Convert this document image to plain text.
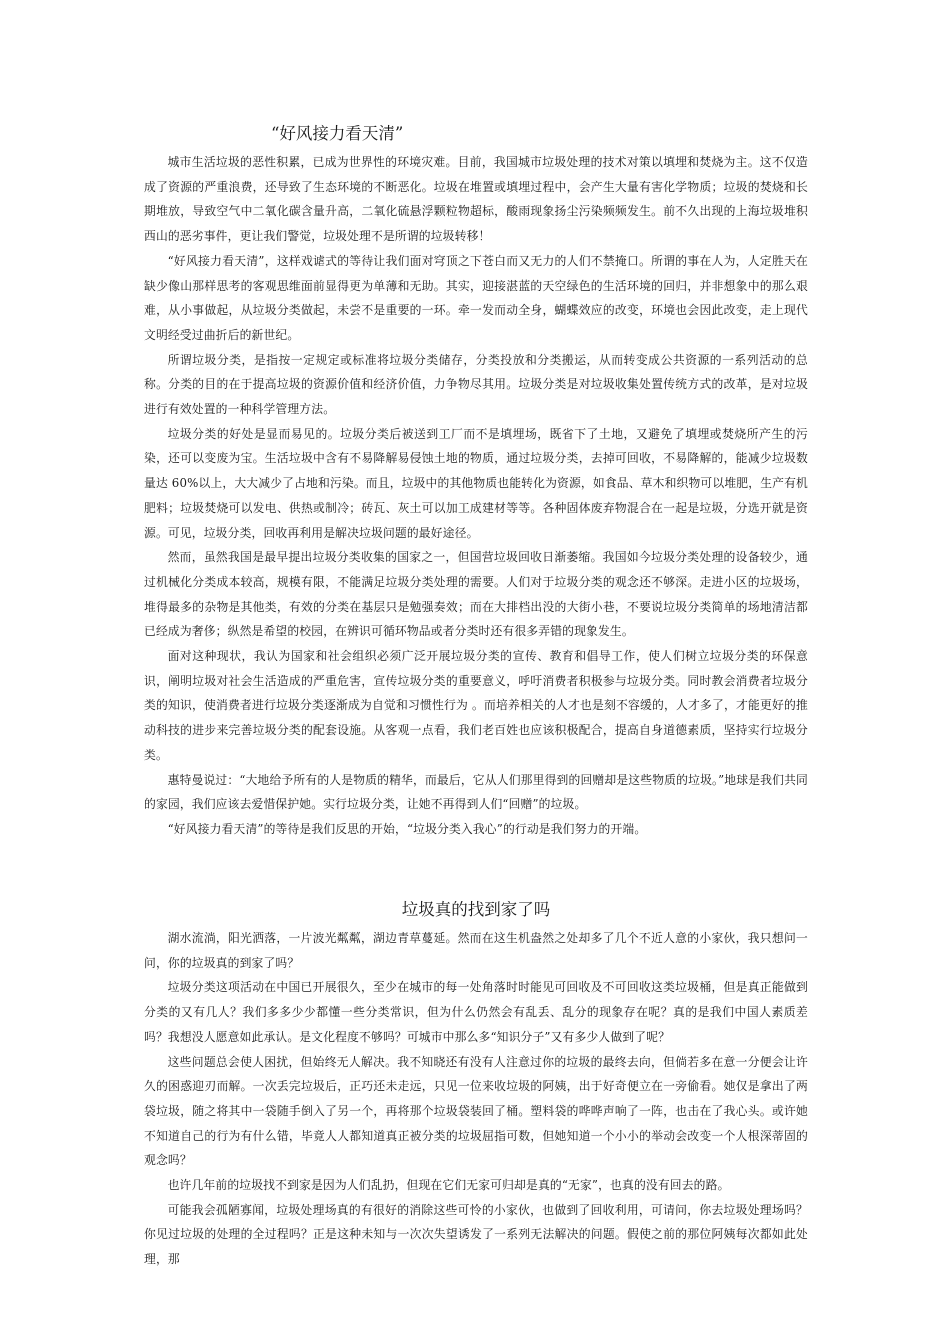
“好风接力看天清”

城市生活垃圾的恶性积累，已成为世界性的环境灾难。目前，我国城市垃圾处理的技术对策以填埋和焚烧为主。这不仅造成了资源的严重浪费，还导致了生态环境的不断恶化。垃圾在堆置或填埋过程中，会产生大量有害化学物质；垃圾的焚烧和长期堆放，导致空气中二氧化碳含量升高，二氧化硫悬浮颗粒物超标，酸雨现象扬尘污染频频发生。前不久出现的上海垃圾堆积西山的恶劣事件，更让我们警觉，垃圾处理不是所谓的垃圾转移！

“好风接力看天清”，这样戏谑式的等待让我们面对穹顶之下苍白而又无力的人们不禁掩口。所谓的事在人为，人定胜天在缺少像山那样思考的客观思维面前显得更为单薄和无助。其实，迎接湛蓝的天空绿色的生活环境的回归，并非想象中的那么艰难，从小事做起，从垃圾分类做起，未尝不是重要的一环。牵一发而动全身，蝴蝶效应的改变，环境也会因此改变，走上现代文明经受过曲折后的新世纪。

所谓垃圾分类，是指按一定规定或标准将垃圾分类储存，分类投放和分类搬运，从而转变成公共资源的一系列活动的总称。分类的目的在于提高垃圾的资源价值和经济价值，力争物尽其用。垃圾分类是对垃圾收集处置传统方式的改革，是对垃圾进行有效处置的一种科学管理方法。

垃圾分类的好处是显而易见的。垃圾分类后被送到工厂而不是填埋场，既省下了土地，又避免了填埋或焚烧所产生的污染，还可以变废为宝。生活垃圾中含有不易降解易侵蚀土地的物质，通过垃圾分类，去掉可回收，不易降解的，能减少垃圾数量达 60%以上，大大减少了占地和污染。而且，垃圾中的其他物质也能转化为资源，如食品、草木和织物可以堆肥，生产有机肥料；垃圾焚烧可以发电、供热或制冷；砖瓦、灰土可以加工成建材等等。各种固体废弃物混合在一起是垃圾，分选开就是资源。可见，垃圾分类，回收再利用是解决垃圾问题的最好途径。

然而，虽然我国是最早提出垃圾分类收集的国家之一，但国营垃圾回收日渐萎缩。我国如今垃圾分类处理的设备较少，通过机械化分类成本较高，规模有限，不能满足垃圾分类处理的需要。人们对于垃圾分类的观念还不够深。走进小区的垃圾场，堆得最多的杂物是其他类，有效的分类在基层只是勉强奏效；而在大排档出没的大街小巷，不要说垃圾分类简单的场地清洁都已经成为奢侈；纵然是希望的校园，在辨识可循环物品或者分类时还有很多弄错的现象发生。

面对这种现状，我认为国家和社会组织必须广泛开展垃圾分类的宣传、教育和倡导工作，使人们树立垃圾分类的环保意识，阐明垃圾对社会生活造成的严重危害，宣传垃圾分类的重要意义，呼吁消费者积极参与垃圾分类。同时教会消费者垃圾分类的知识，使消费者进行垃圾分类逐渐成为自觉和习惯性行为 。而培养相关的人才也是刻不容缓的，人才多了，才能更好的推动科技的进步来完善垃圾分类的配套设施。从客观一点看，我们老百姓也应该积极配合，提高自身道德素质，坚持实行垃圾分类。

惠特曼说过：“大地给予所有的人是物质的精华，而最后，它从人们那里得到的回赠却是这些物质的垃圾。”地球是我们共同的家园，我们应该去爱惜保护她。实行垃圾分类，让她不再得到人们“回赠”的垃圾。

“好风接力看天清”的等待是我们反思的开始，“垃圾分类入我心”的行动是我们努力的开端。

垃圾真的找到家了吗

湖水流淌，阳光洒落，一片波光粼粼，湖边青草蔓延。然而在这生机盎然之处却多了几个不近人意的小家伙，我只想问一问，你的垃圾真的到家了吗？

垃圾分类这项活动在中国已开展很久，至少在城市的每一处角落时时能见可回收及不可回收这类垃圾桶，但是真正能做到分类的又有几人？我们多多少少都懂一些分类常识，但为什么仍然会有乱丢、乱分的现象存在呢？真的是我们中国人素质差吗？我想没人愿意如此承认。是文化程度不够吗？可城市中那么多“知识分子”又有多少人做到了呢？

这些问题总会使人困扰，但始终无人解决。我不知晓还有没有人注意过你的垃圾的最终去向，但倘若多在意一分便会让许久的困惑迎刃而解。一次丢完垃圾后，正巧还未走远，只见一位来收垃圾的阿姨，出于好奇便立在一旁偷看。她仅是拿出了两袋垃圾，随之将其中一袋随手倒入了另一个，再将那个垃圾袋装回了桶。塑料袋的哗哗声响了一阵，也击在了我心头。或许她不知道自己的行为有什么错，毕竟人人都知道真正被分类的垃圾屈指可数，但她知道一个小小的举动会改变一个人根深蒂固的观念吗？

也许几年前的垃圾找不到家是因为人们乱扔，但现在它们无家可归却是真的“无家”，也真的没有回去的路。

可能我会孤陋寡闻，垃圾处理场真的有很好的消除这些可怜的小家伙，也做到了回收利用，可请问，你去垃圾处理场吗？你见过垃圾的处理的全过程吗？正是这种未知与一次次失望诱发了一系列无法解决的问题。假使之前的那位阿姨每次都如此处理，那
